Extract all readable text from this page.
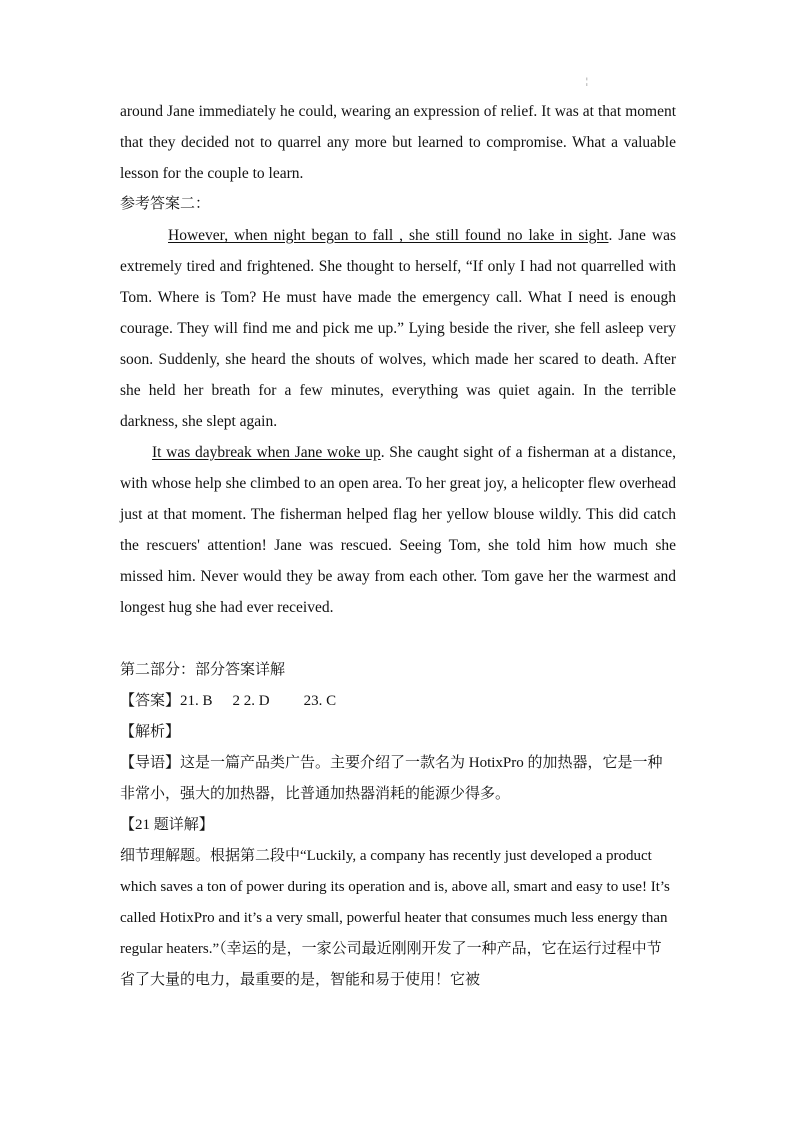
¦

around Jane immediately he could, wearing an expression of relief. It was at that moment that they decided not to quarrel any more but learned to compromise. What a valuable lesson for the couple to learn.

参考答案二：

However, when night began to fall , she still found no lake in sight. Jane was extremely tired and frightened. She thought to herself, “If only I had not quarrelled with Tom. Where is Tom? He must have made the emergency call. What I need is enough courage. They will find me and pick me up.” Lying beside the river, she fell asleep very soon. Suddenly, she heard the shouts of wolves, which made her scared to death. After she held her breath for a few minutes, everything was quiet again. In the terrible darkness, she slept again.

It was daybreak when Jane woke up. She caught sight of a fisherman at a distance, with whose help she climbed to an open area. To her great joy, a helicopter flew overhead just at that moment. The fisherman helped flag her yellow blouse wildly. This did catch the rescuers' attention! Jane was rescued. Seeing Tom, she told him how much she missed him. Never would they be away from each other. Tom gave her the warmest and longest hug she had ever received.

第二部分：部分答案详解

【答案】21. B 2 2. D 23. C

【解析】

【导语】这是一篇产品类广告。主要介绍了一款名为 HotixPro 的加热器，它是一种非常小，强大的加热器，比普通加热器消耗的能源少得多。

【21 题详解】

细节理解题。根据第二段中“Luckily, a company has recently just developed a product which saves a ton of power during its operation and is, above all, smart and easy to use! It’s called HotixPro and it’s a very small, powerful heater that consumes much less energy than regular heaters.”（幸运的是，一家公司最近刚刚开发了一种产品，它在运行过程中节省了大量的电力，最重要的是，智能和易于使用！它被
